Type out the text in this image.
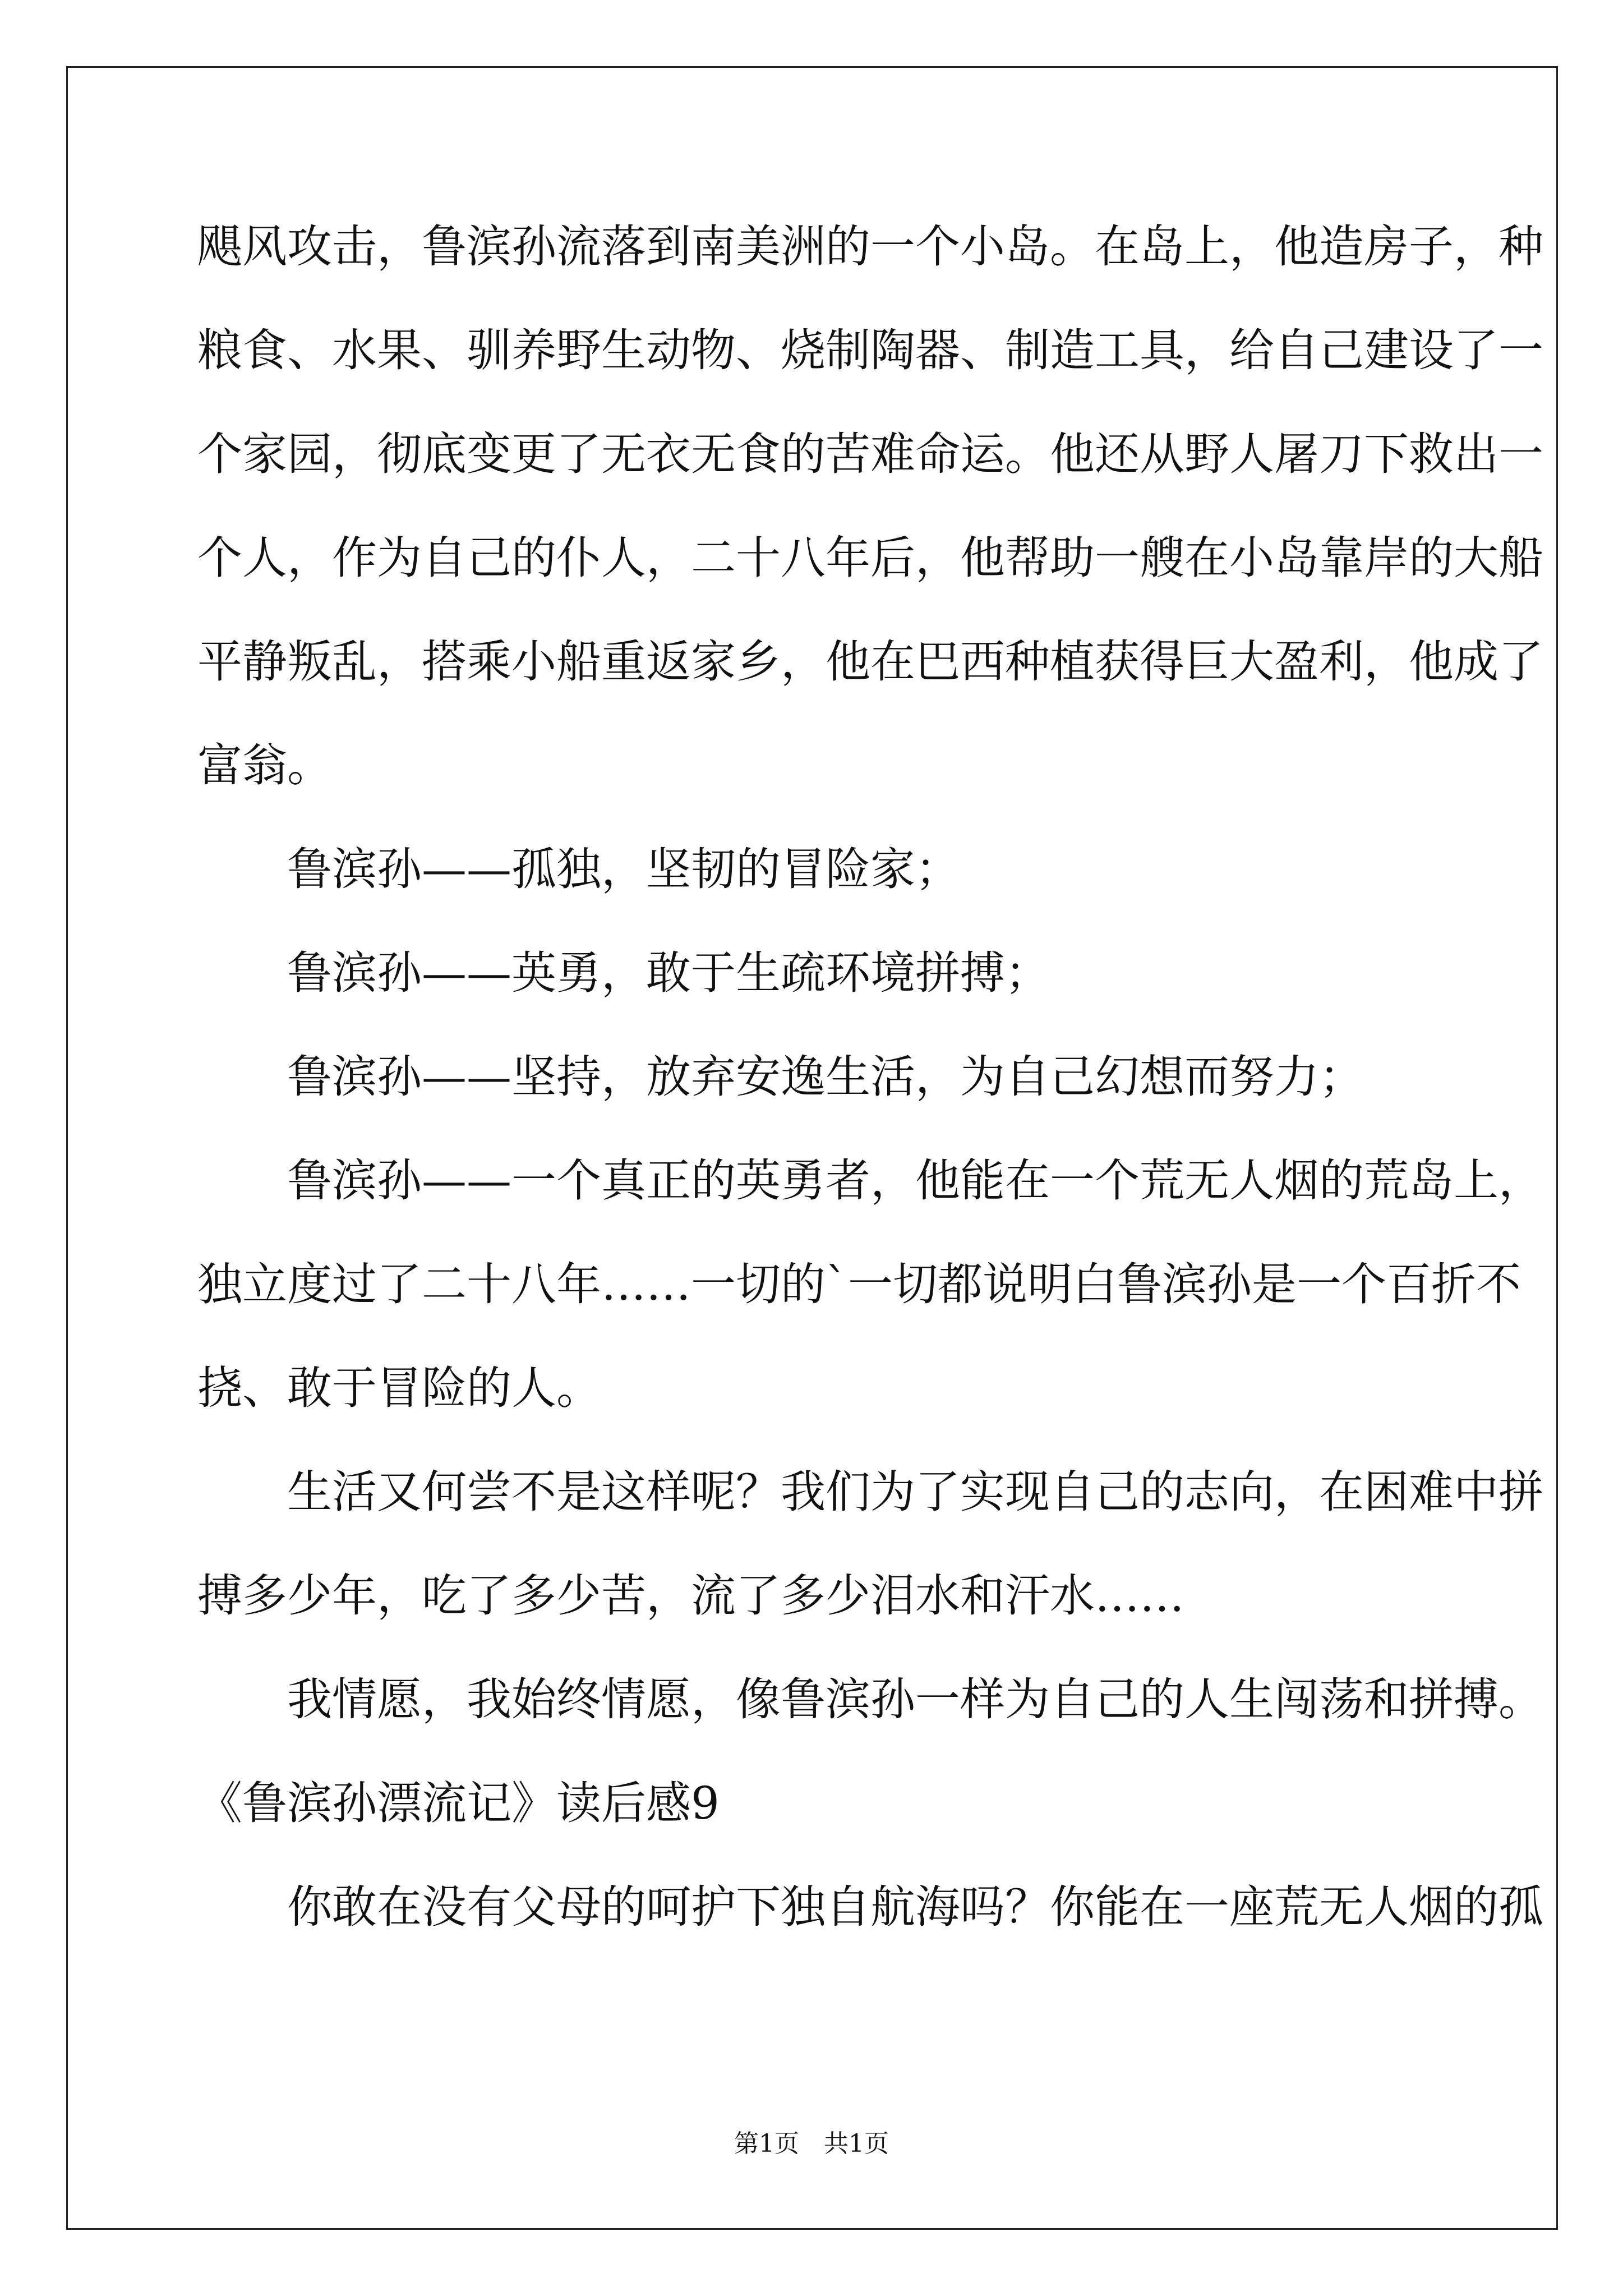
飓风攻击，鲁滨孙流落到南美洲的一个小岛。在岛上，他造房子，种
粮食、水果、驯养野生动物、烧制陶器、制造工具，给自己建设了一
个家园，彻底变更了无衣无食的苦难命运。他还从野人屠刀下救出一
个人，作为自己的仆人，二十八年后，他帮助一艘在小岛靠岸的大船
平静叛乱，搭乘小船重返家乡，他在巴西种植获得巨大盈利，他成了
富翁。
鲁滨孙——孤独，坚韧的冒险家；
鲁滨孙——英勇，敢于生疏环境拼搏；
鲁滨孙——坚持，放弃安逸生活，为自己幻想而努力；
鲁滨孙——一个真正的英勇者，他能在一个荒无人烟的荒岛上，
独立度过了二十八年……一切的`一切都说明白鲁滨孙是一个百折不
挠、敢于冒险的人。
生活又何尝不是这样呢？我们为了实现自己的志向，在困难中拼
搏多少年，吃了多少苦，流了多少泪水和汗水……
我情愿，我始终情愿，像鲁滨孙一样为自己的人生闯荡和拼搏。
《鲁滨孙漂流记》读后感9
你敢在没有父母的呵护下独自航海吗？你能在一座荒无人烟的孤
第1页　共1页
